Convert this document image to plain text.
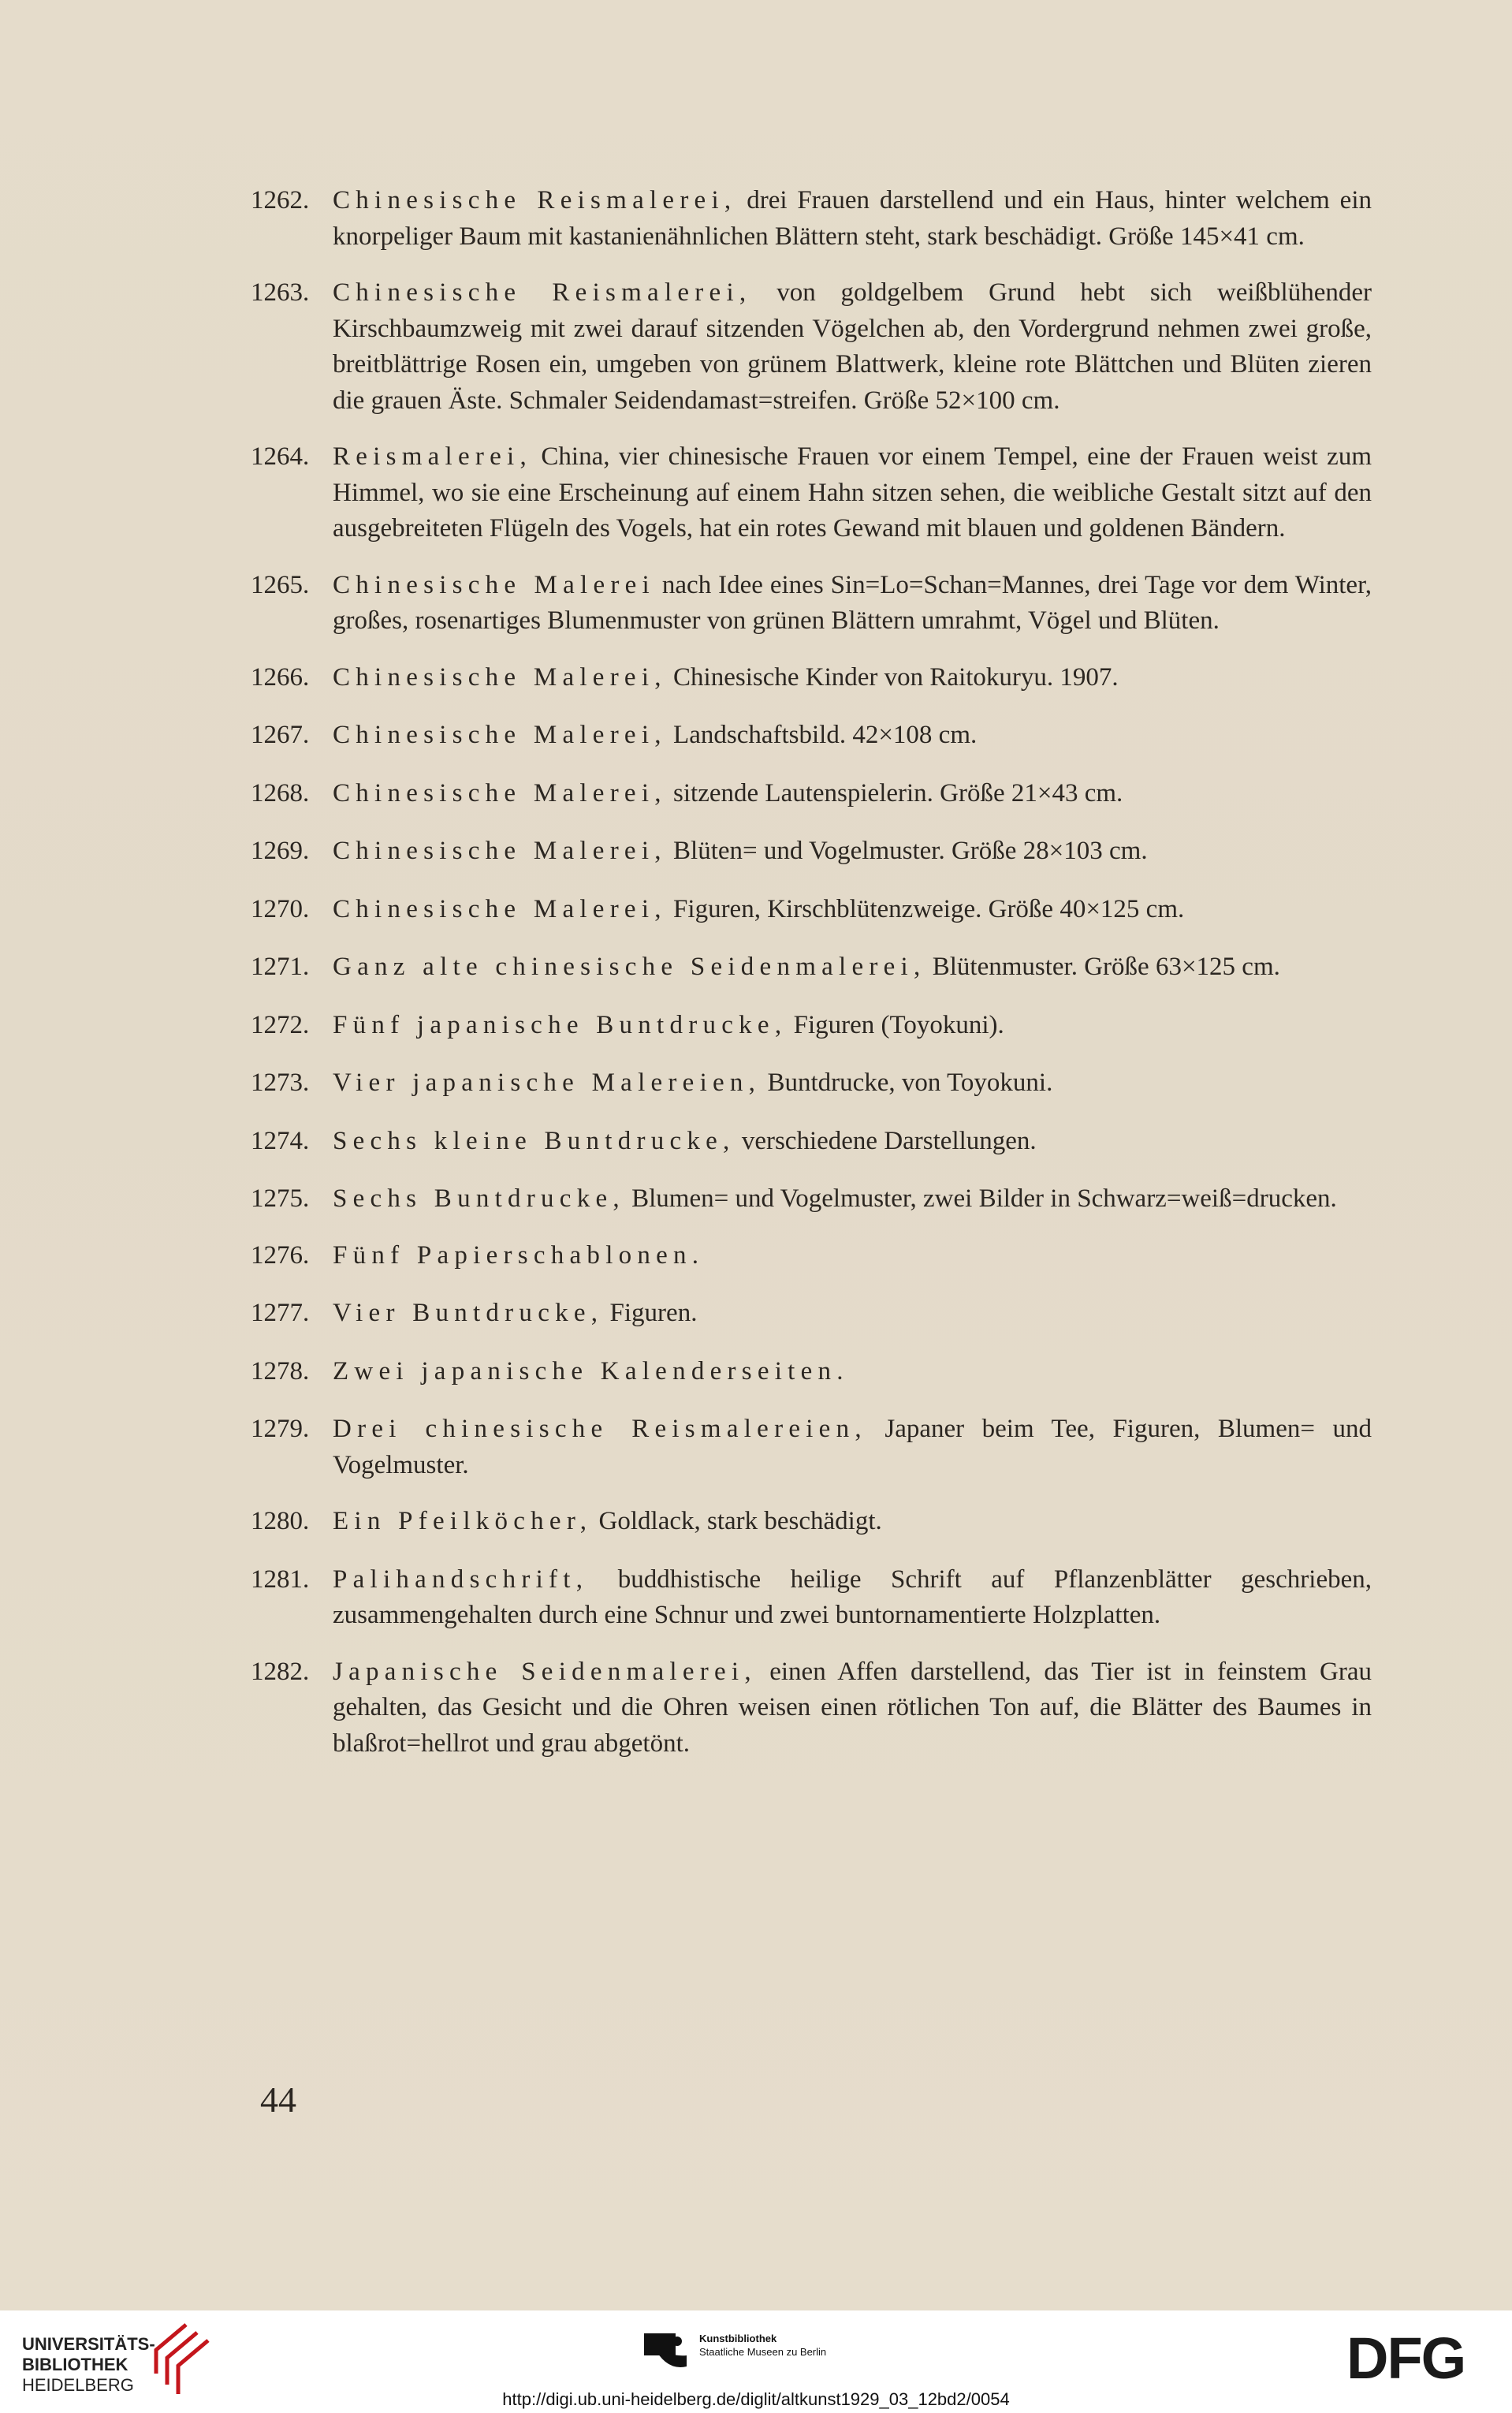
1262. Chinesische Reismalerei, drei Frauen darstellend und ein Haus, hinter welchem ein knorpeliger Baum mit kastanienähnlichen Blättern steht, stark beschädigt. Größe 145×41 cm.
1263. Chinesische Reismalerei, von goldgelbem Grund hebt sich weißblühender Kirschbaumzweig mit zwei darauf sitzenden Vögelchen ab, den Vordergrund nehmen zwei große, breitblättrige Rosen ein, umgeben von grünem Blattwerk, kleine rote Blättchen und Blüten zieren die grauen Äste. Schmaler Seidendamast=streifen. Größe 52×100 cm.
1264. Reismalerei, China, vier chinesische Frauen vor einem Tempel, eine der Frauen weist zum Himmel, wo sie eine Erscheinung auf einem Hahn sitzen sehen, die weibliche Gestalt sitzt auf den ausgebreiteten Flügeln des Vogels, hat ein rotes Gewand mit blauen und goldenen Bändern.
1265. Chinesische Malerei nach Idee eines Sin=Lo=Schan=Mannes, drei Tage vor dem Winter, großes, rosenartiges Blumenmuster von grünen Blättern umrahmt, Vögel und Blüten.
1266. Chinesische Malerei, Chinesische Kinder von Raitokuryu. 1907.
1267. Chinesische Malerei, Landschaftsbild. 42×108 cm.
1268. Chinesische Malerei, sitzende Lautenspielerin. Größe 21×43 cm.
1269. Chinesische Malerei, Blüten= und Vogelmuster. Größe 28×103 cm.
1270. Chinesische Malerei, Figuren, Kirschblütenzweige. Größe 40×125 cm.
1271. Ganz alte chinesische Seidenmalerei, Blütenmuster. Größe 63×125 cm.
1272. Fünf japanische Buntdrucke, Figuren (Toyokuni).
1273. Vier japanische Malereien, Buntdrucke, von Toyokuni.
1274. Sechs kleine Buntdrucke, verschiedene Darstellungen.
1275. Sechs Buntdrucke, Blumen= und Vogelmuster, zwei Bilder in Schwarz=weiß=drucken.
1276. Fünf Papierschablonen.
1277. Vier Buntdrucke, Figuren.
1278. Zwei japanische Kalenderseiten.
1279. Drei chinesische Reismalereien, Japaner beim Tee, Figuren, Blumen= und Vogelmuster.
1280. Ein Pfeilköcher, Goldlack, stark beschädigt.
1281. Palihandschrift, buddhistische heilige Schrift auf Pflanzenblätter geschrieben, zusammengehalten durch eine Schnur und zwei buntornamentierte Holzplatten.
1282. Japanische Seidenmalerei, einen Affen darstellend, das Tier ist in feinstem Grau gehalten, das Gesicht und die Ohren weisen einen rötlichen Ton auf, die Blätter des Baumes in blaßrot=hellrot und grau abgetönt.
44
UNIVERSITÄTS-
BIBLIOTHEK
HEIDELBERG
Kunstbibliothek
Staatliche Museen zu Berlin	DFG
http://digi.ub.uni-heidelberg.de/diglit/altkunst1929_03_12bd2/0054
